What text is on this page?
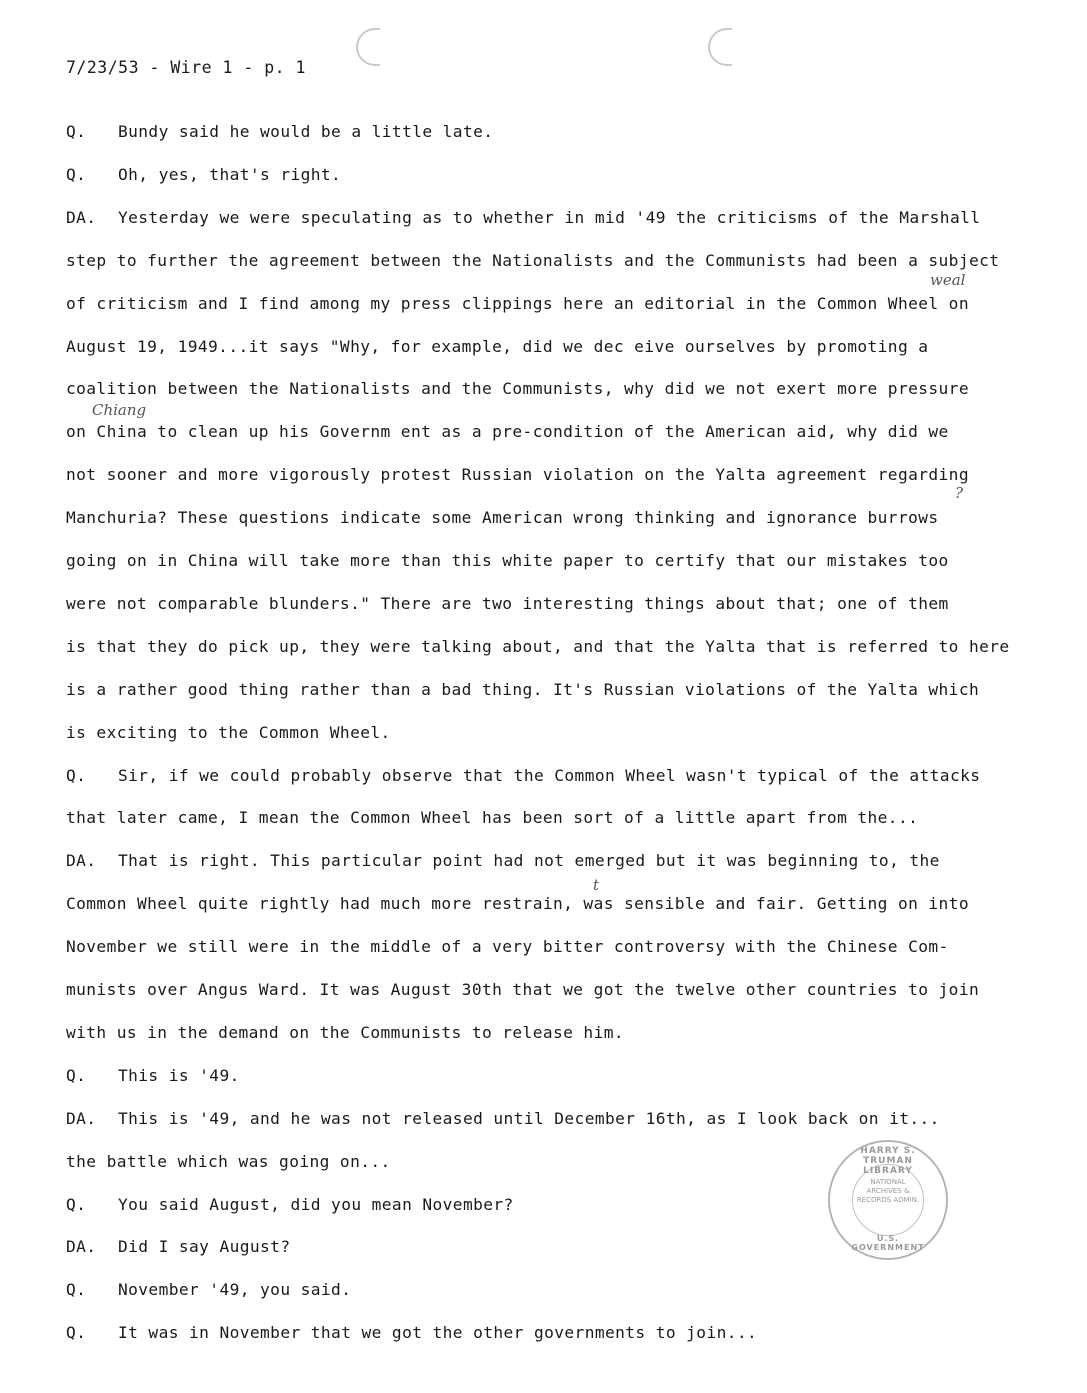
7/23/53 - Wire 1 - p. 1
Q. Bundy said he would be a little late.
Q. Oh, yes, that's right.
DA. Yesterday we were speculating as to whether in mid '49 the criticisms of the Marshall
step to further the agreement between the Nationalists and the Communists had been a subject
of criticism and I find among my press clippings here an editorial in the Common Wheel on
August 19, 1949...it says "Why, for example, did we dec eive ourselves by promoting a
coalition between the Nationalists and the Communists, why did we not exert more pressure
on China to clean up his Governm ent as a pre-condition of the American aid, why did we
not sooner and more vigorously protest Russian violation on the Yalta agreement regarding
Manchuria? These questions indicate some American wrong thinking and ignorance burrows
going on in China will take more than this white paper to certify that our mistakes too
were not comparable blunders." There are two interesting things about that; one of them
is that they do pick up, they were talking about, and that the Yalta that is referred to here
is a rather good thing rather than a bad thing. It's Russian violations of the Yalta which
is exciting to the Common Wheel.
Q. Sir, if we could probably observe that the Common Wheel wasn't typical of the attacks
that later came, I mean the Common Wheel has been sort of a little apart from the...
DA. That is right. This particular point had not emerged but it was beginning to, the
Common Wheel quite rightly had much more restrain, was sensible and fair. Getting on into
November we still were in the middle of a very bitter controversy with the Chinese Com-
munists over Angus Ward. It was August 30th that we got the twelve other countries to join
with us in the demand on the Communists to release him.
Q. This is '49.
DA. This is '49, and he was not released until December 16th, as I look back on it...
the battle which was going on...
Q. You said August, did you mean November?
DA. Did I say August?
Q. November '49, you said.
Q. It was in November that we got the other governments to join...
weal
Chiang
?
t
HARRY S. TRUMAN LIBRARY
NATIONAL ARCHIVES & RECORDS ADMIN.
U.S. GOVERNMENT
